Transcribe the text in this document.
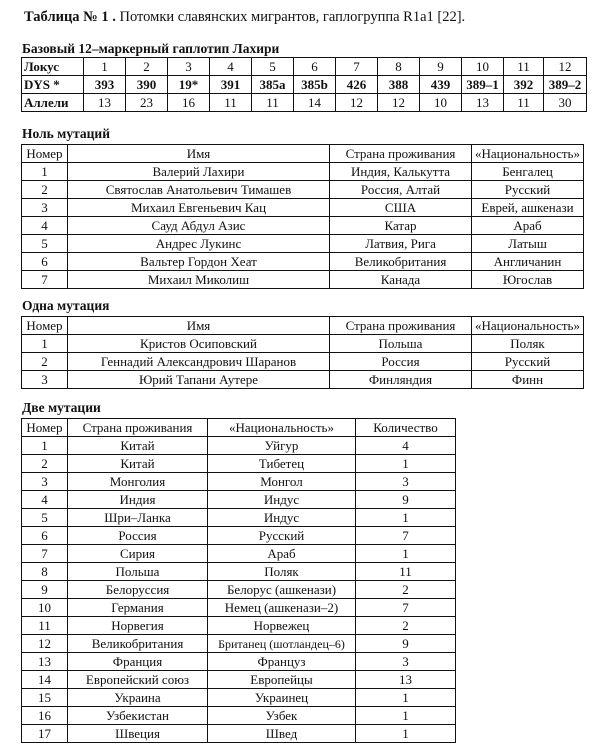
Таблица № 1 . Потомки славянских мигрантов, гаплогруппа R1a1 [22].
Базовый 12–маркерный гаплотип Лахири
Локус	1	2	3	4	5	6	7	8	9	10	11	12
DYS *	393	390	19*	391	385a	385b	426	388	439	389–1	392	389–2
Аллели	13	23	16	11	11	14	12	12	10	13	11	30
Ноль мутаций
Номер	Имя	Страна проживания	«Национальность»
1	Валерий Лахири	Индия, Калькутта	Бенгалец
2	Святослав Анатольевич Тимашев	Россия, Алтай	Русский
3	Михаил Евгеньевич Кац	США	Еврей, ашкенази
4	Сауд Абдул Азис	Катар	Араб
5	Андрес Лукинс	Латвия, Рига	Латыш
6	Вальтер Гордон Хеат	Великобритания	Англичанин
7	Михаил Миколиш	Канада	Югослав
Одна мутация
Номер	Имя	Страна проживания	«Национальность»
1	Кристов Осиповский	Польша	Поляк
2	Геннадий Александрович Шаранов	Россия	Русский
3	Юрий Тапани Аутере	Финляндия	Финн
Две мутации
Номер	Страна проживания	«Национальность»	Количество
1	Китай	Уйгур	4
2	Китай	Тибетец	1
3	Монголия	Монгол	3
4	Индия	Индус	9
5	Шри–Ланка	Индус	1
6	Россия	Русский	7
7	Сирия	Араб	1
8	Польша	Поляк	11
9	Белоруссия	Белорус (ашкенази)	2
10	Германия	Немец (ашкенази–2)	7
11	Норвегия	Норвежец	2
12	Великобритания	Британец (шотландец–6)	9
13	Франция	Француз	3
14	Европейский союз	Европейцы	13
15	Украина	Украинец	1
16	Узбекистан	Узбек	1
17	Швеция	Швед	1
